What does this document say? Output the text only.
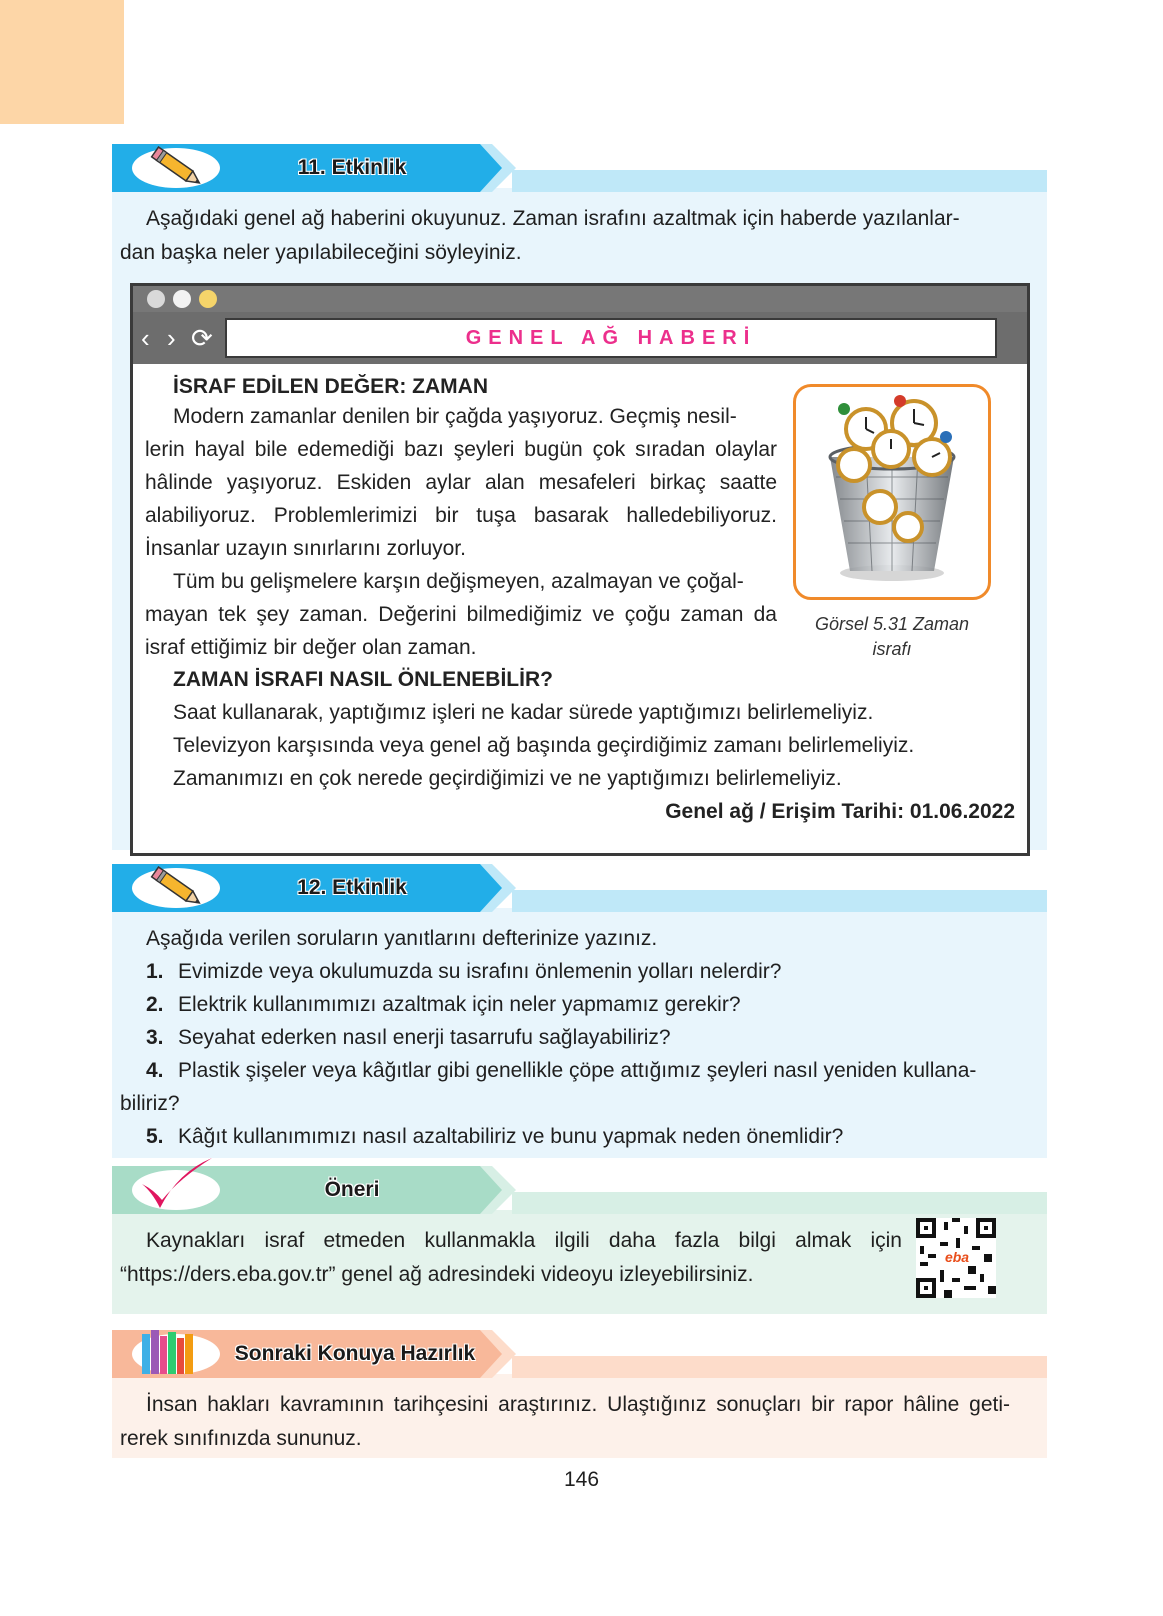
11. Etkinlik

Aşağıdaki genel ağ haberini okuyunuz. Zaman israfını azaltmak için haberde yazılanlar-
dan başka neler yapılabileceğini söyleyiniz.

‹ › ⟳	GENEL AĞ HABERİ
İSRAF EDİLEN DEĞER: ZAMAN
Modern zamanlar denilen bir çağda yaşıyoruz. Geçmiş nesil-
lerin hayal bile edemediği bazı şeyleri bugün çok sıradan olaylar
hâlinde yaşıyoruz. Eskiden aylar alan mesafeleri birkaç saatte
alabiliyoruz. Problemlerimizi bir tuşa basarak halledebiliyoruz.
İnsanlar uzayın sınırlarını zorluyor.
Tüm bu gelişmelere karşın değişmeyen, azalmayan ve çoğal-
mayan tek şey zaman. Değerini bilmediğimiz ve çoğu zaman da
israf ettiğimiz bir değer olan zaman.
ZAMAN İSRAFI NASIL ÖNLENEBİLİR?
Saat kullanarak, yaptığımız işleri ne kadar sürede yaptığımızı belirlemeliyiz.
Televizyon karşısında veya genel ağ başında geçirdiğimiz zamanı belirlemeliyiz.
Zamanımızı en çok nerede geçirdiğimizi ve ne yaptığımızı belirlemeliyiz.
Genel ağ / Erişim Tarihi: 01.06.2022
Görsel 5.31 Zaman
israfı
12. Etkinlik
Aşağıda verilen soruların yanıtlarını defterinize yazınız.
1. Evimizde veya okulumuzda su israfını önlemenin yolları nelerdir?
2. Elektrik kullanımımızı azaltmak için neler yapmamız gerekir?
3. Seyahat ederken nasıl enerji tasarrufu sağlayabiliriz?
4. Plastik şişeler veya kâğıtlar gibi genellikle çöpe attığımız şeyleri nasıl yeniden kullana-
biliriz?
5. Kâğıt kullanımımızı nasıl azaltabiliriz ve bunu yapmak neden önemlidir?
Öneri

Kaynakları israf etmeden kullanmakla ilgili daha fazla bilgi almak için

“https://ders.eba.gov.tr” genel ağ adresindeki videoyu izleyebilirsiniz.

eba
Sonraki Konuya Hazırlık

İnsan hakları kavramının tarihçesini araştırınız. Ulaştığınız sonuçları bir rapor hâline geti-

rerek sınıfınızda sununuz.

146
